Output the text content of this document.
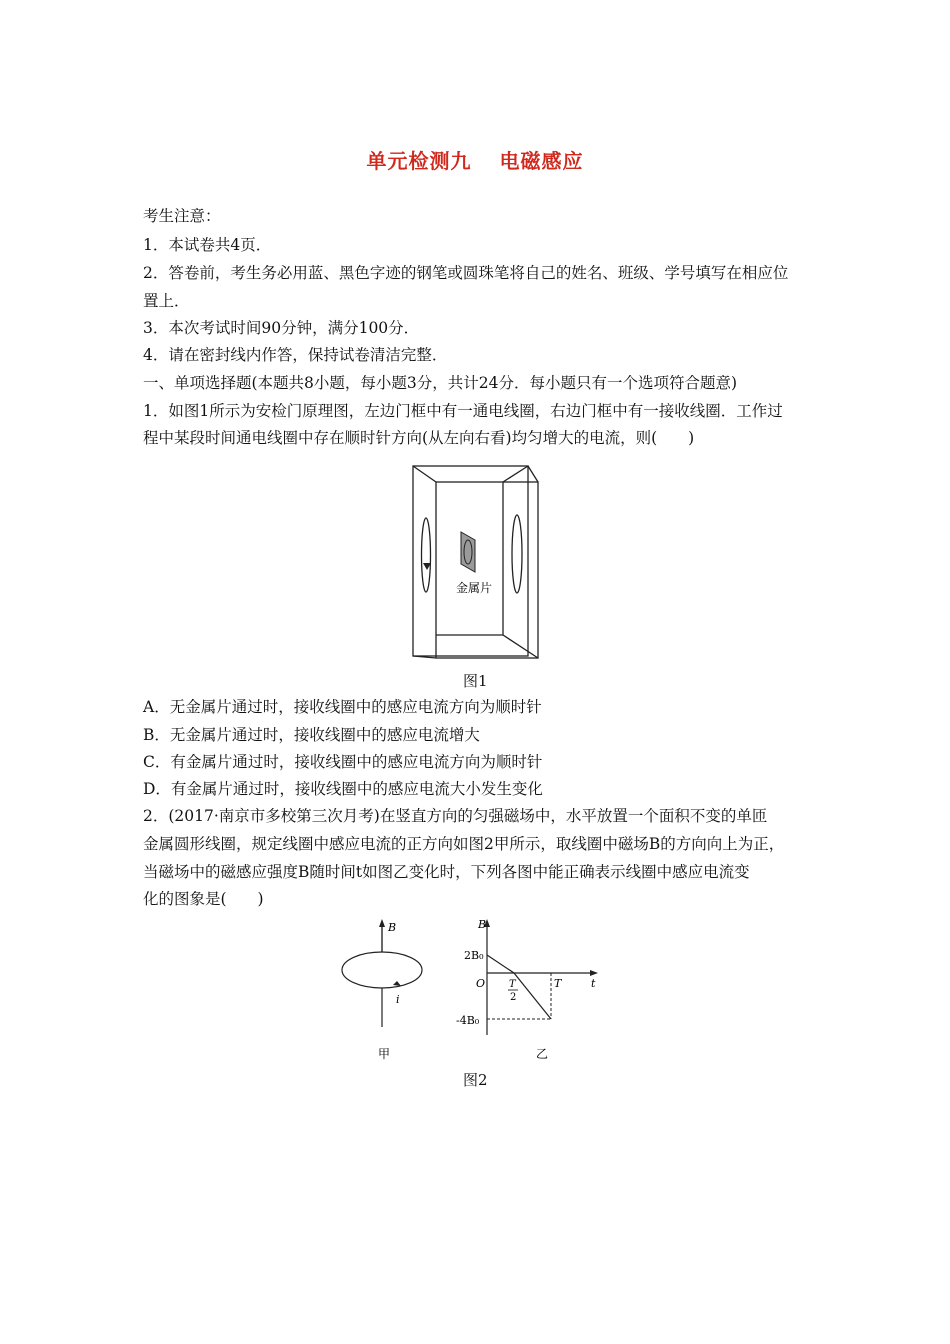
单元检测九 电磁感应
考生注意：
1．本试卷共4页．
2．答卷前，考生务必用蓝、黑色字迹的钢笔或圆珠笔将自己的姓名、班级、学号填写在相应位
置上．
3．本次考试时间90分钟，满分100分．
4．请在密封线内作答，保持试卷清洁完整．
一、单项选择题(本题共8小题，每小题3分，共计24分．每小题只有一个选项符合题意)
1．如图1所示为安检门原理图，左边门框中有一通电线圈，右边门框中有一接收线圈．工作过
程中某段时间通电线圈中存在顺时针方向(从左向右看)均匀增大的电流，则(　　)
金属片
图1
A．无金属片通过时，接收线圈中的感应电流方向为顺时针
B．无金属片通过时，接收线圈中的感应电流增大
C．有金属片通过时，接收线圈中的感应电流方向为顺时针
D．有金属片通过时，接收线圈中的感应电流大小发生变化
2．(2017·南京市多校第三次月考)在竖直方向的匀强磁场中，水平放置一个面积不变的单匝
金属圆形线圈，规定线圈中感应电流的正方向如图2甲所示，取线圈中磁场B的方向向上为正，
当磁场中的磁感应强度B随时间t如图乙变化时，下列各图中能正确表示线圈中感应电流变
化的图象是(　　)
B
i
甲
B
t
O
2B₀
-4B₀
T
2
T
乙
图2
